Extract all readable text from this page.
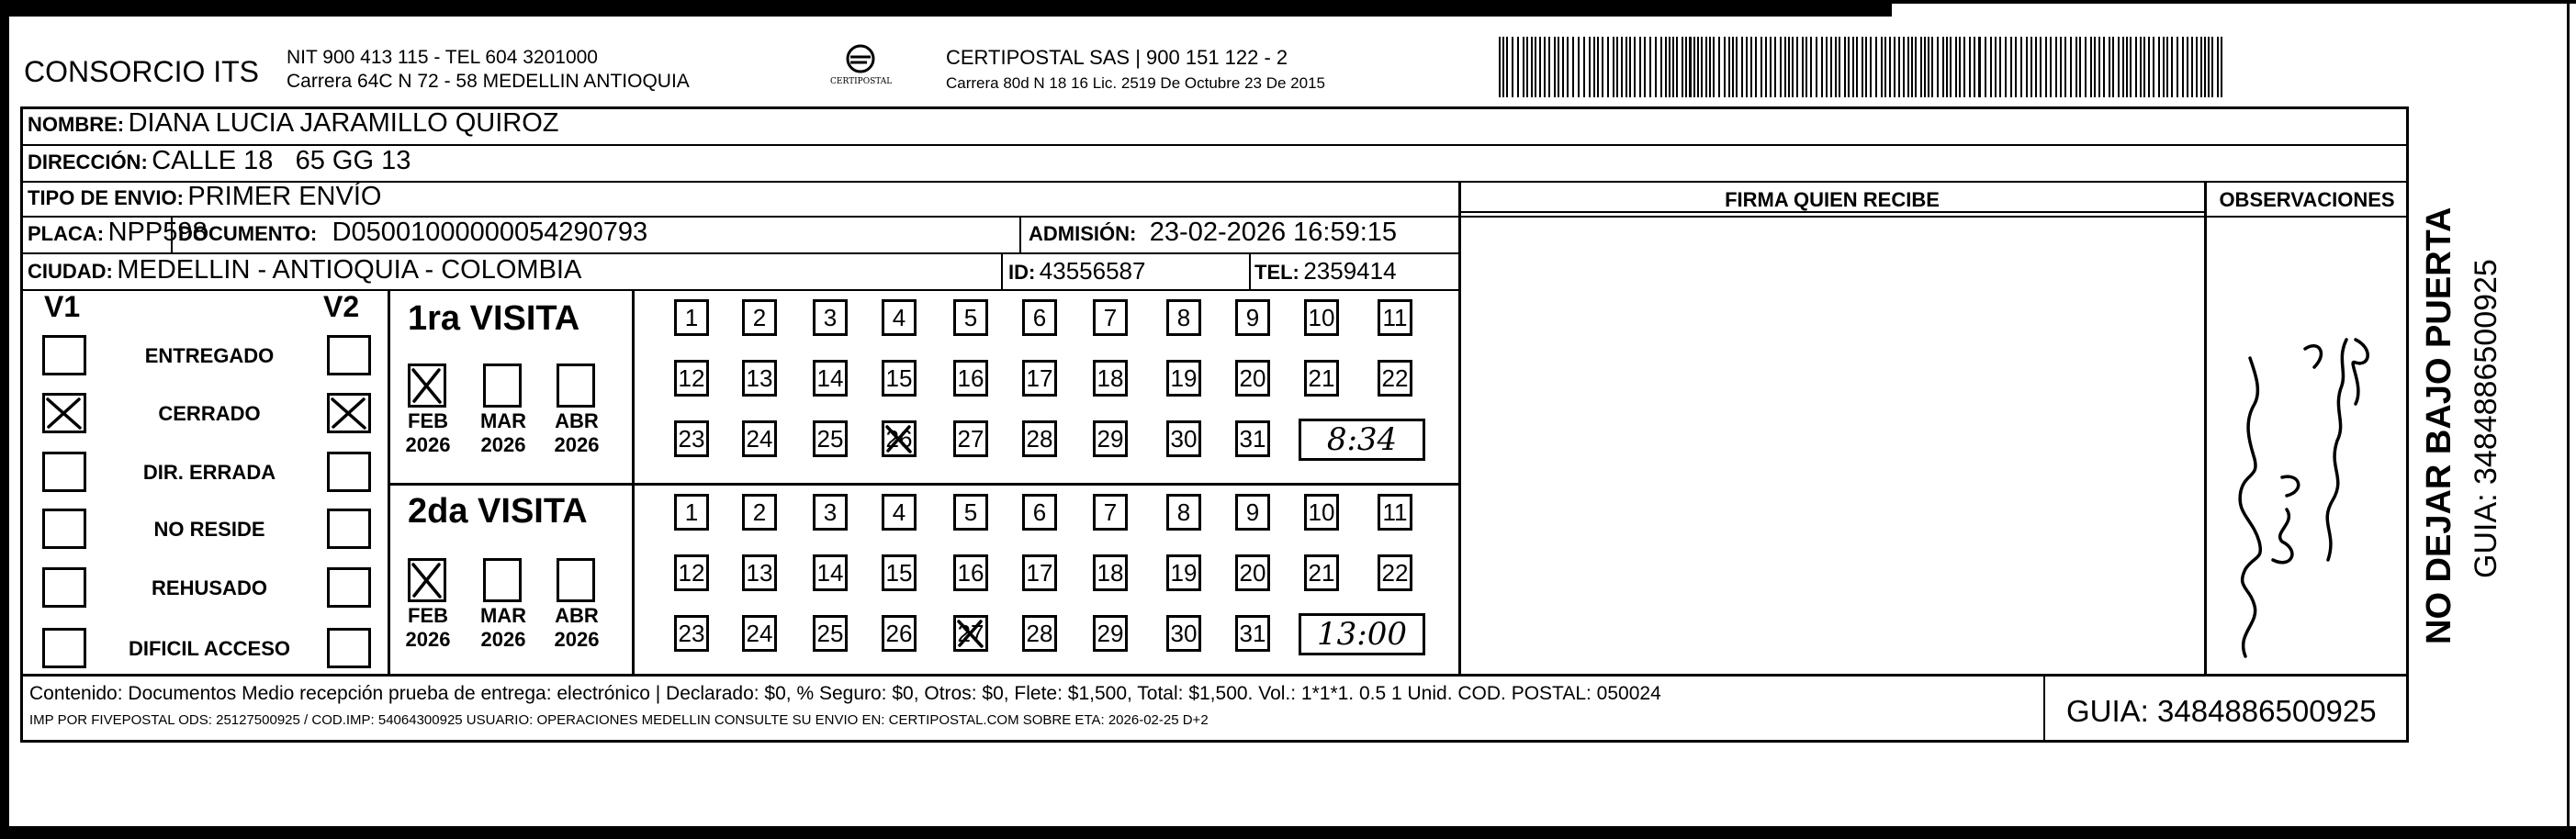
CONSORCIO ITS NIT 900 413 115 - TEL 604 3201000
Carrera 64C N 72 - 58 MEDELLIN ANTIOQUIA	CERTIPOSTAL
CERTIPOSTAL SAS | 900 151 122 - 2
Carrera 80d N 18 16 Lic. 2519 De Octubre 23 De 2015
NOMBRE: DIANA LUCIA JARAMILLO QUIROZ
DIRECCIÓN: CALLE 18   65 GG 13
TIPO DE ENVIO: PRIMER ENVÍO
PLACA: NPP598
DOCUMENTO: D05001000000054290793	ADMISIÓN: 23-02-2026 16:59:15
CIUDAD: MEDELLIN - ANTIOQUIA - COLOMBIA	ID: 43556587	TEL: 2359414
FIRMA QUIEN RECIBE	OBSERVACIONES
V1	V2
ENTREGADO
CERRADO
DIR. ERRADA
NO RESIDE
REHUSADO
DIFICIL ACCESO
1ra VISITA
2da VISITA
FEB
2026
MAR
2026
ABR
2026
1	2	3	4	5	6	7	8	9	10 11
12 13 14 15 16 17 18 19 20 21 22
23 24 25 26 27 28 29 30 31	8:34
FEB
2026
MAR
2026
ABR
2026
1	2	3	4	5	6	7	8	9	10 11
12 13 14 15 16 17 18 19 20 21 22
23 24 25 26 27 28 29 30 31	13:00	NO DEJAR BAJO PUERTA GUIA: 3484886500925
Contenido: Documentos Medio recepción prueba de entrega: electrónico | Declarado: $0, % Seguro: $0, Otros: $0, Flete: $1,500, Total: $1,500. Vol.: 1*1*1. 0.5 1 Unid. COD. POSTAL: 050024
IMP POR FIVEPOSTAL ODS: 25127500925 / COD.IMP: 54064300925 USUARIO: OPERACIONES MEDELLIN CONSULTE SU ENVIO EN: CERTIPOSTAL.COM SOBRE ETA: 2026-02-25 D+2	GUIA: 3484886500925
